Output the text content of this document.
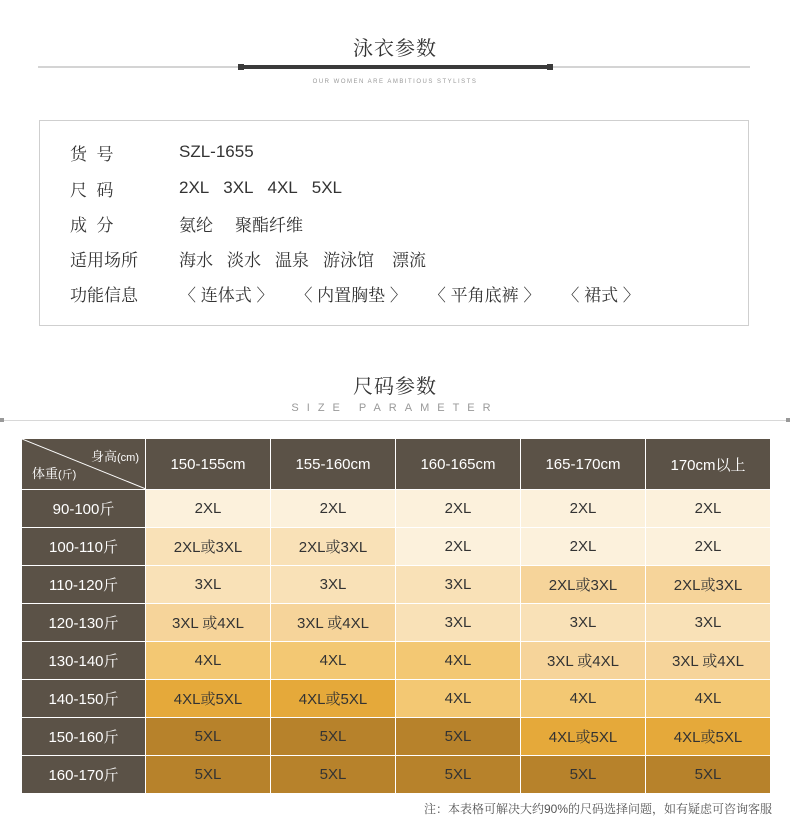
泳衣参数
OUR WOMEN ARE AMBITIOUS STYLISTS
货  号	SZL-1655
尺  码	2XL 3XL 4XL 5XL
成  分	氨纶 聚酯纤维
适用场所	海水 淡水 温泉 游泳馆 漂流
功能信息	〈 连体式 〉 〈 内置胸垫 〉 〈 平角底裤 〉 〈 裙式 〉
尺码参数
SIZE PARAMETER
身高(cm)
体重(斤)	150-155cm	155-160cm	160-165cm	165-170cm	170cm以上
90-100斤	2XL	2XL	2XL	2XL	2XL
100-110斤	2XL或3XL	2XL或3XL	2XL	2XL	2XL
110-120斤	3XL	3XL	3XL	2XL或3XL	2XL或3XL
120-130斤	3XL 或4XL	3XL 或4XL	3XL	3XL	3XL
130-140斤	4XL	4XL	4XL	3XL 或4XL	3XL 或4XL
140-150斤	4XL或5XL	4XL或5XL	4XL	4XL	4XL
150-160斤	5XL	5XL	5XL	4XL或5XL	4XL或5XL
160-170斤	5XL	5XL	5XL	5XL	5XL
注：本表格可解决大约90%的尺码选择问题，如有疑虑可咨询客服
